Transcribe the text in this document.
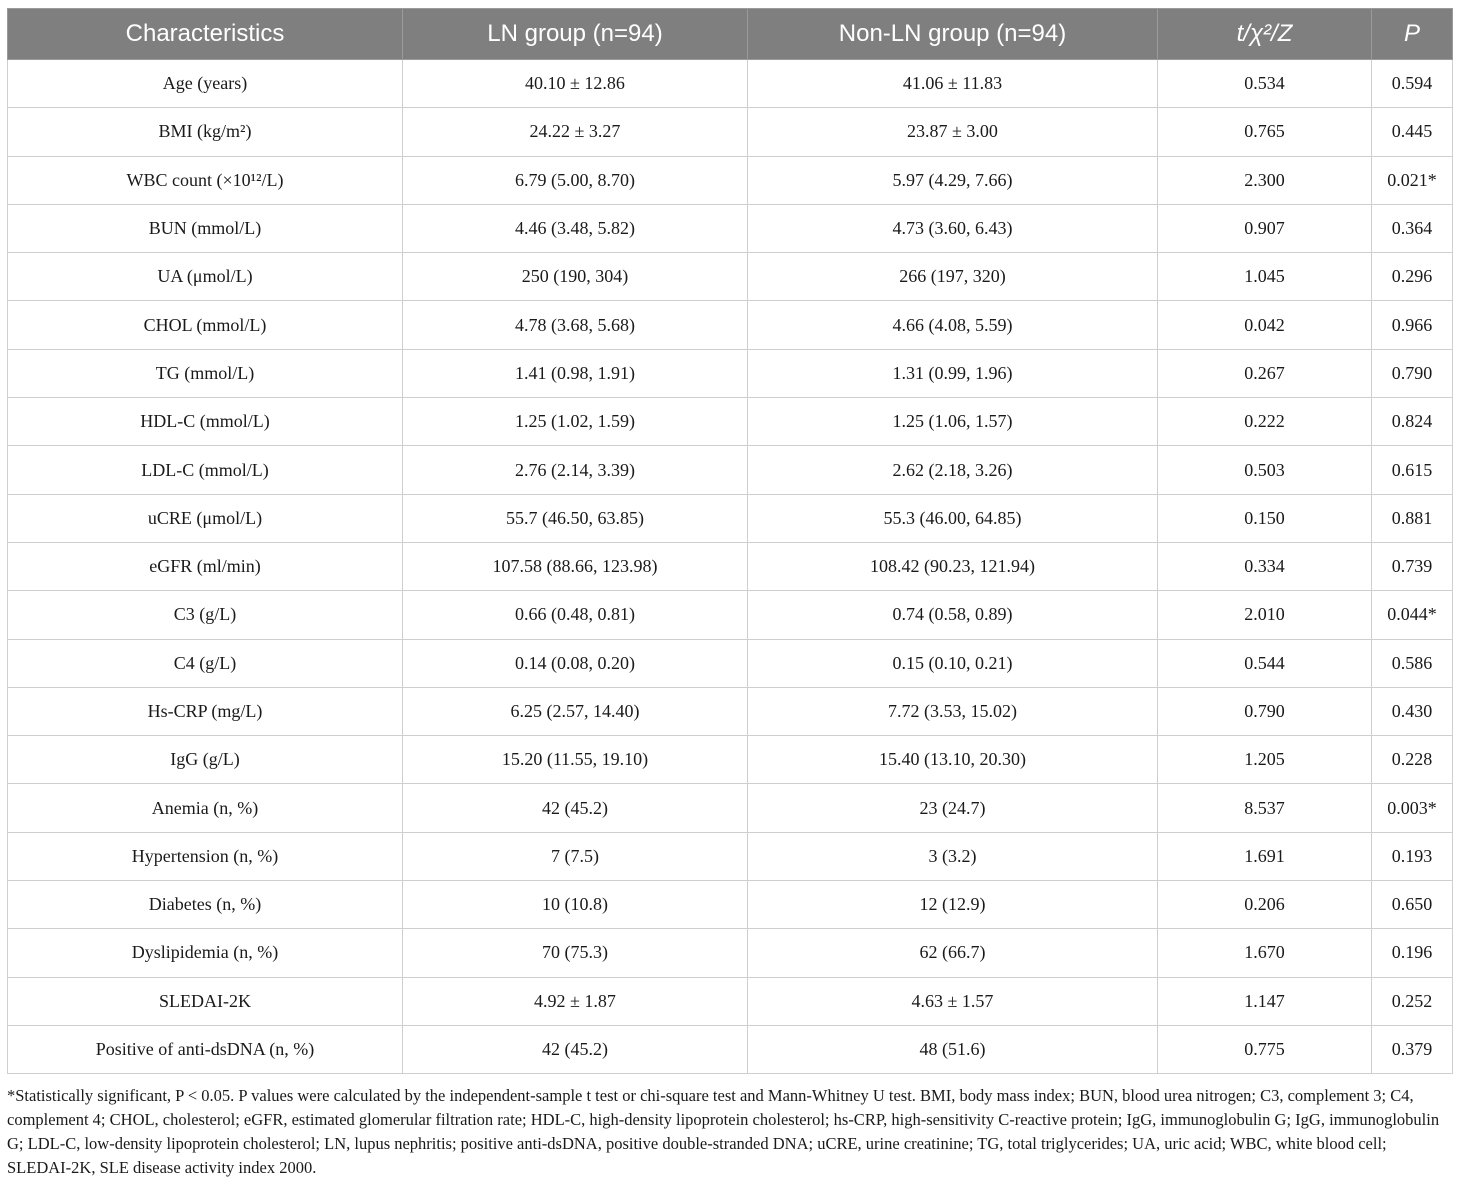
Characteristics	LN group (n=94)	Non-LN group (n=94)	t/χ²/Z	P
Age (years)	40.10 ± 12.86	41.06 ± 11.83	0.534	0.594
BMI (kg/m²)	24.22 ± 3.27	23.87 ± 3.00	0.765	0.445
WBC count (×10¹²/L)	6.79 (5.00, 8.70)	5.97 (4.29, 7.66)	2.300	0.021*
BUN (mmol/L)	4.46 (3.48, 5.82)	4.73 (3.60, 6.43)	0.907	0.364
UA (μmol/L)	250 (190, 304)	266 (197, 320)	1.045	0.296
CHOL (mmol/L)	4.78 (3.68, 5.68)	4.66 (4.08, 5.59)	0.042	0.966
TG (mmol/L)	1.41 (0.98, 1.91)	1.31 (0.99, 1.96)	0.267	0.790
HDL-C (mmol/L)	1.25 (1.02, 1.59)	1.25 (1.06, 1.57)	0.222	0.824
LDL-C (mmol/L)	2.76 (2.14, 3.39)	2.62 (2.18, 3.26)	0.503	0.615
uCRE (μmol/L)	55.7 (46.50, 63.85)	55.3 (46.00, 64.85)	0.150	0.881
eGFR (ml/min)	107.58 (88.66, 123.98)	108.42 (90.23, 121.94)	0.334	0.739
C3 (g/L)	0.66 (0.48, 0.81)	0.74 (0.58, 0.89)	2.010	0.044*
C4 (g/L)	0.14 (0.08, 0.20)	0.15 (0.10, 0.21)	0.544	0.586
Hs-CRP (mg/L)	6.25 (2.57, 14.40)	7.72 (3.53, 15.02)	0.790	0.430
IgG (g/L)	15.20 (11.55, 19.10)	15.40 (13.10, 20.30)	1.205	0.228
Anemia (n, %)	42 (45.2)	23 (24.7)	8.537	0.003*
Hypertension (n, %)	7 (7.5)	3 (3.2)	1.691	0.193
Diabetes (n, %)	10 (10.8)	12 (12.9)	0.206	0.650
Dyslipidemia (n, %)	70 (75.3)	62 (66.7)	1.670	0.196
SLEDAI-2K	4.92 ± 1.87	4.63 ± 1.57	1.147	0.252
Positive of anti-dsDNA (n, %)	42 (45.2)	48 (51.6)	0.775	0.379
*Statistically significant, P < 0.05. P values were calculated by the independent-sample t test or chi-square test and Mann-Whitney U test. BMI, body mass index; BUN, blood urea nitrogen; C3, complement 3; C4, complement 4; CHOL, cholesterol; eGFR, estimated glomerular filtration rate; HDL-C, high-density lipoprotein cholesterol; hs-CRP, high-sensitivity C-reactive protein; IgG, immunoglobulin G; IgG, immunoglobulin G; LDL-C, low-density lipoprotein cholesterol; LN, lupus nephritis; positive anti-dsDNA, positive double-stranded DNA; uCRE, urine creatinine; TG, total triglycerides; UA, uric acid; WBC, white blood cell; SLEDAI-2K, SLE disease activity index 2000.
